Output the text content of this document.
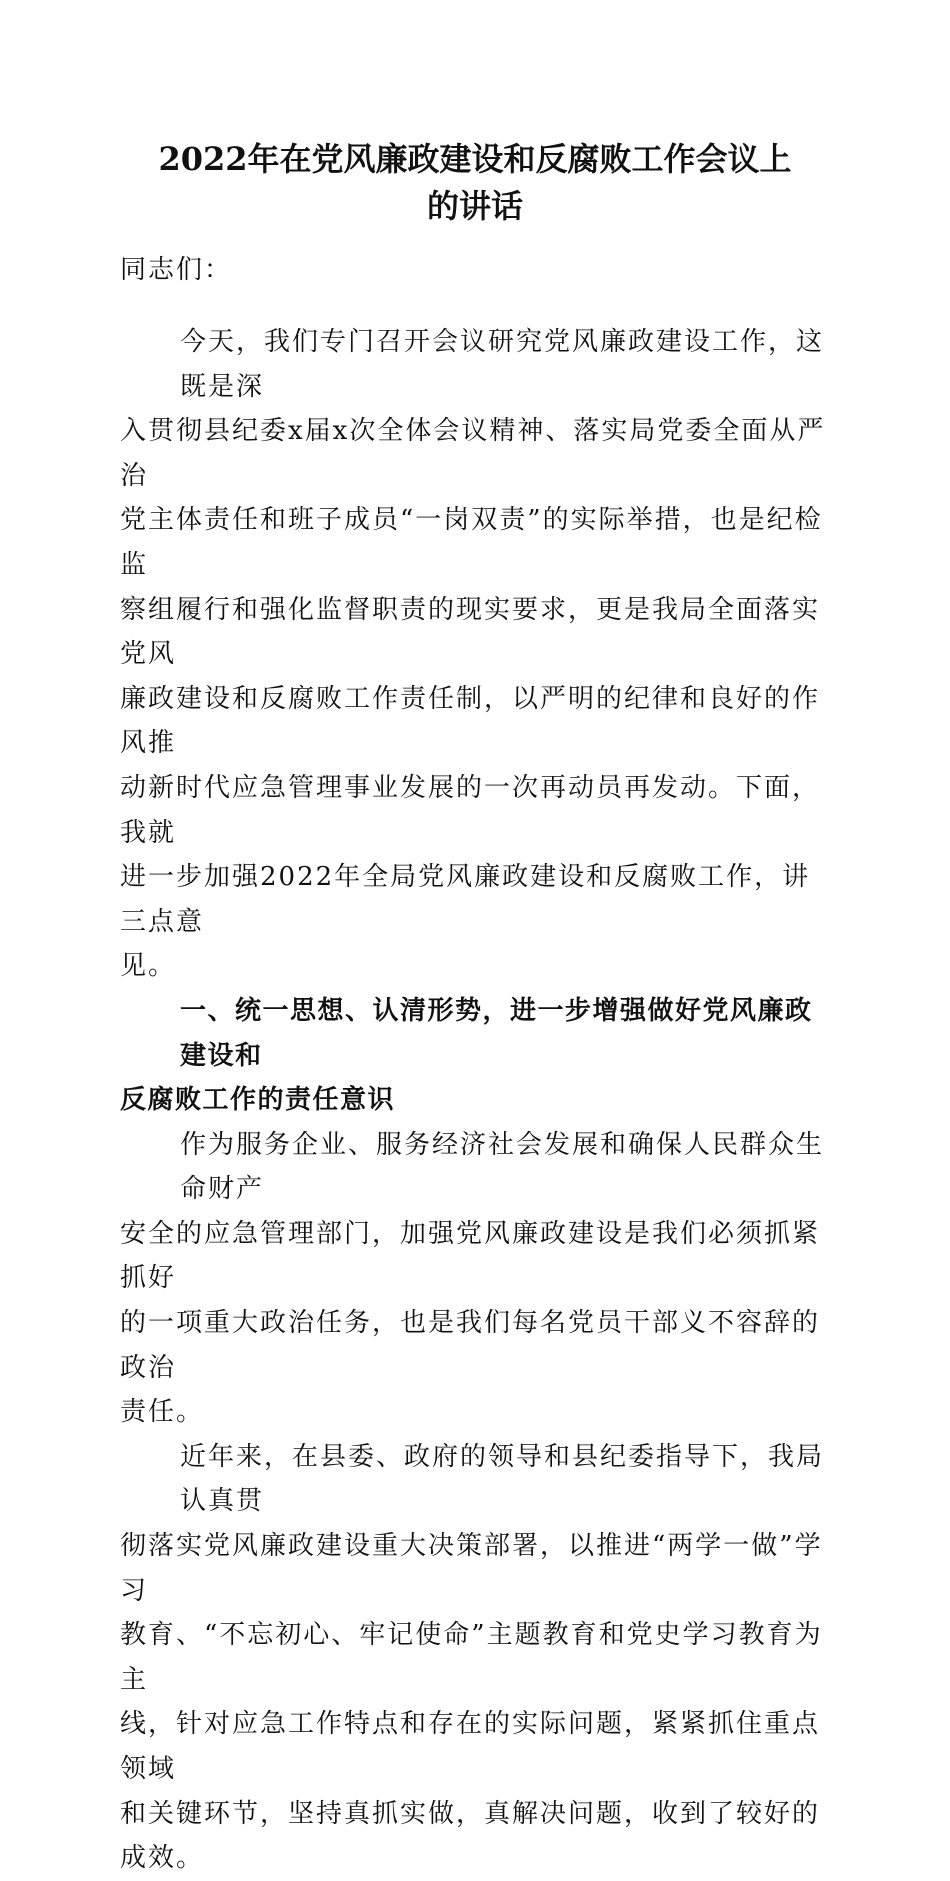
2022年在党风廉政建设和反腐败工作会议上
的讲话
同志们：
今天，我们专门召开会议研究党风廉政建设工作，这既是深
入贯彻县纪委x届x次全体会议精神、落实局党委全面从严治
党主体责任和班子成员“一岗双责”的实际举措，也是纪检监
察组履行和强化监督职责的现实要求，更是我局全面落实党风
廉政建设和反腐败工作责任制，以严明的纪律和良好的作风推
动新时代应急管理事业发展的一次再动员再发动。下面，我就
进一步加强2022年全局党风廉政建设和反腐败工作，讲三点意
见。
一、统一思想、认清形势，进一步增强做好党风廉政建设和
反腐败工作的责任意识
作为服务企业、服务经济社会发展和确保人民群众生命财产
安全的应急管理部门，加强党风廉政建设是我们必须抓紧抓好
的一项重大政治任务，也是我们每名党员干部义不容辞的政治
责任。
近年来，在县委、政府的领导和县纪委指导下，我局认真贯
彻落实党风廉政建设重大决策部署，以推进“两学一做”学习
教育、“不忘初心、牢记使命”主题教育和党史学习教育为主
线，针对应急工作特点和存在的实际问题，紧紧抓住重点领域
和关键环节，坚持真抓实做，真解决问题，收到了较好的成效。
